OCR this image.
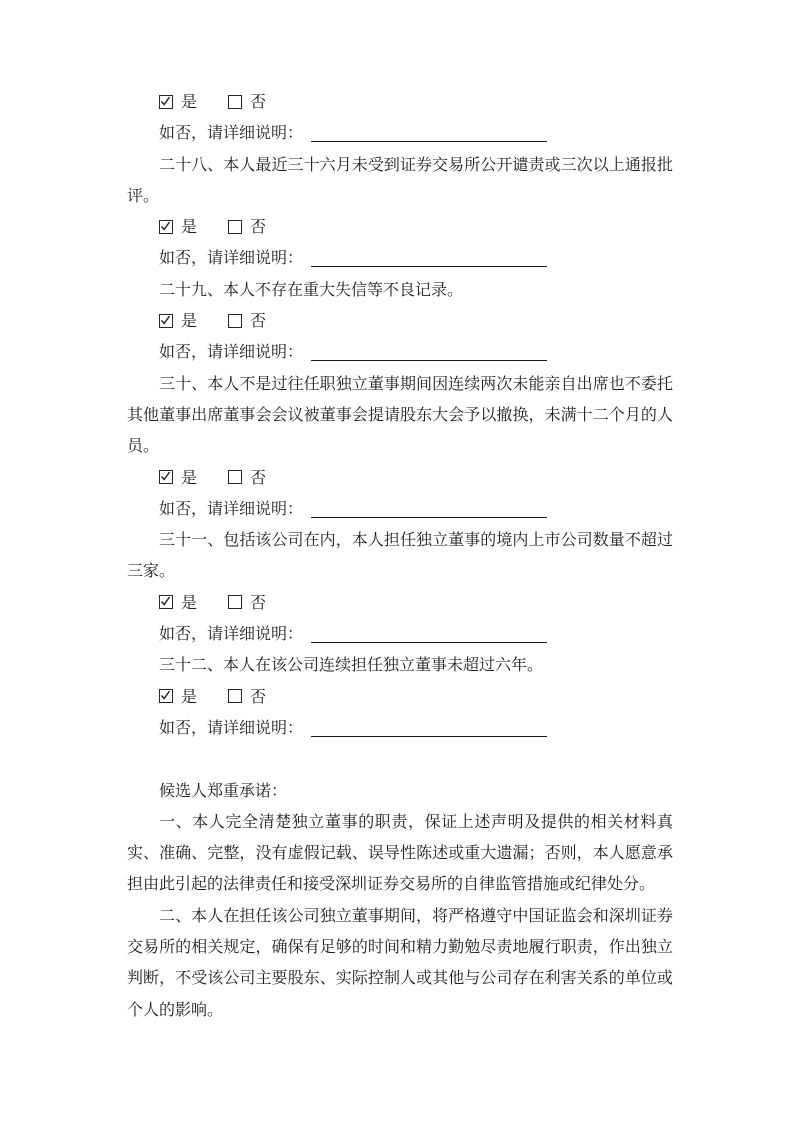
是	否
如否，请详细说明：

二十八、本人最近三十六月未受到证券交易所公开谴责或三次以上通报批评。

是	否
如否，请详细说明：

二十九、本人不存在重大失信等不良记录。

是	否
如否，请详细说明：

三十、本人不是过往任职独立董事期间因连续两次未能亲自出席也不委托其他董事出席董事会会议被董事会提请股东大会予以撤换，未满十二个月的人员。

是	否
如否，请详细说明：

三十一、包括该公司在内，本人担任独立董事的境内上市公司数量不超过三家。

是	否
如否，请详细说明：

三十二、本人在该公司连续担任独立董事未超过六年。

是	否
如否，请详细说明：

候选人郑重承诺：

一、本人完全清楚独立董事的职责，保证上述声明及提供的相关材料真实、准确、完整，没有虚假记载、误导性陈述或重大遗漏；否则，本人愿意承担由此引起的法律责任和接受深圳证券交易所的自律监管措施或纪律处分。

二、本人在担任该公司独立董事期间，将严格遵守中国证监会和深圳证券交易所的相关规定，确保有足够的时间和精力勤勉尽责地履行职责，作出独立判断，不受该公司主要股东、实际控制人或其他与公司存在利害关系的单位或个人的影响。
